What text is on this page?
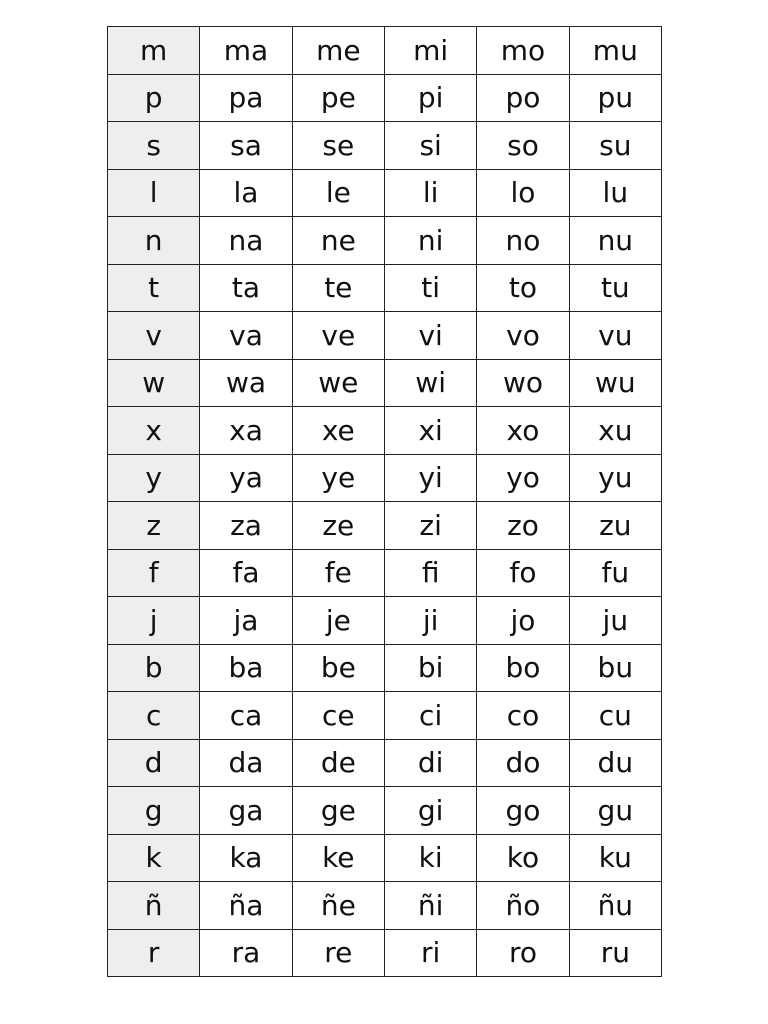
m	ma	me	mi	mo	mu
p	pa	pe	pi	po	pu
s	sa	se	si	so	su
l	la	le	li	lo	lu
n	na	ne	ni	no	nu
t	ta	te	ti	to	tu
v	va	ve	vi	vo	vu
w	wa	we	wi	wo	wu
x	xa	xe	xi	xo	xu
y	ya	ye	yi	yo	yu
z	za	ze	zi	zo	zu
f	fa	fe	fi	fo	fu
j	ja	je	ji	jo	ju
b	ba	be	bi	bo	bu
c	ca	ce	ci	co	cu
d	da	de	di	do	du
g	ga	ge	gi	go	gu
k	ka	ke	ki	ko	ku
ñ	ña	ñe	ñi	ño	ñu
r	ra	re	ri	ro	ru
